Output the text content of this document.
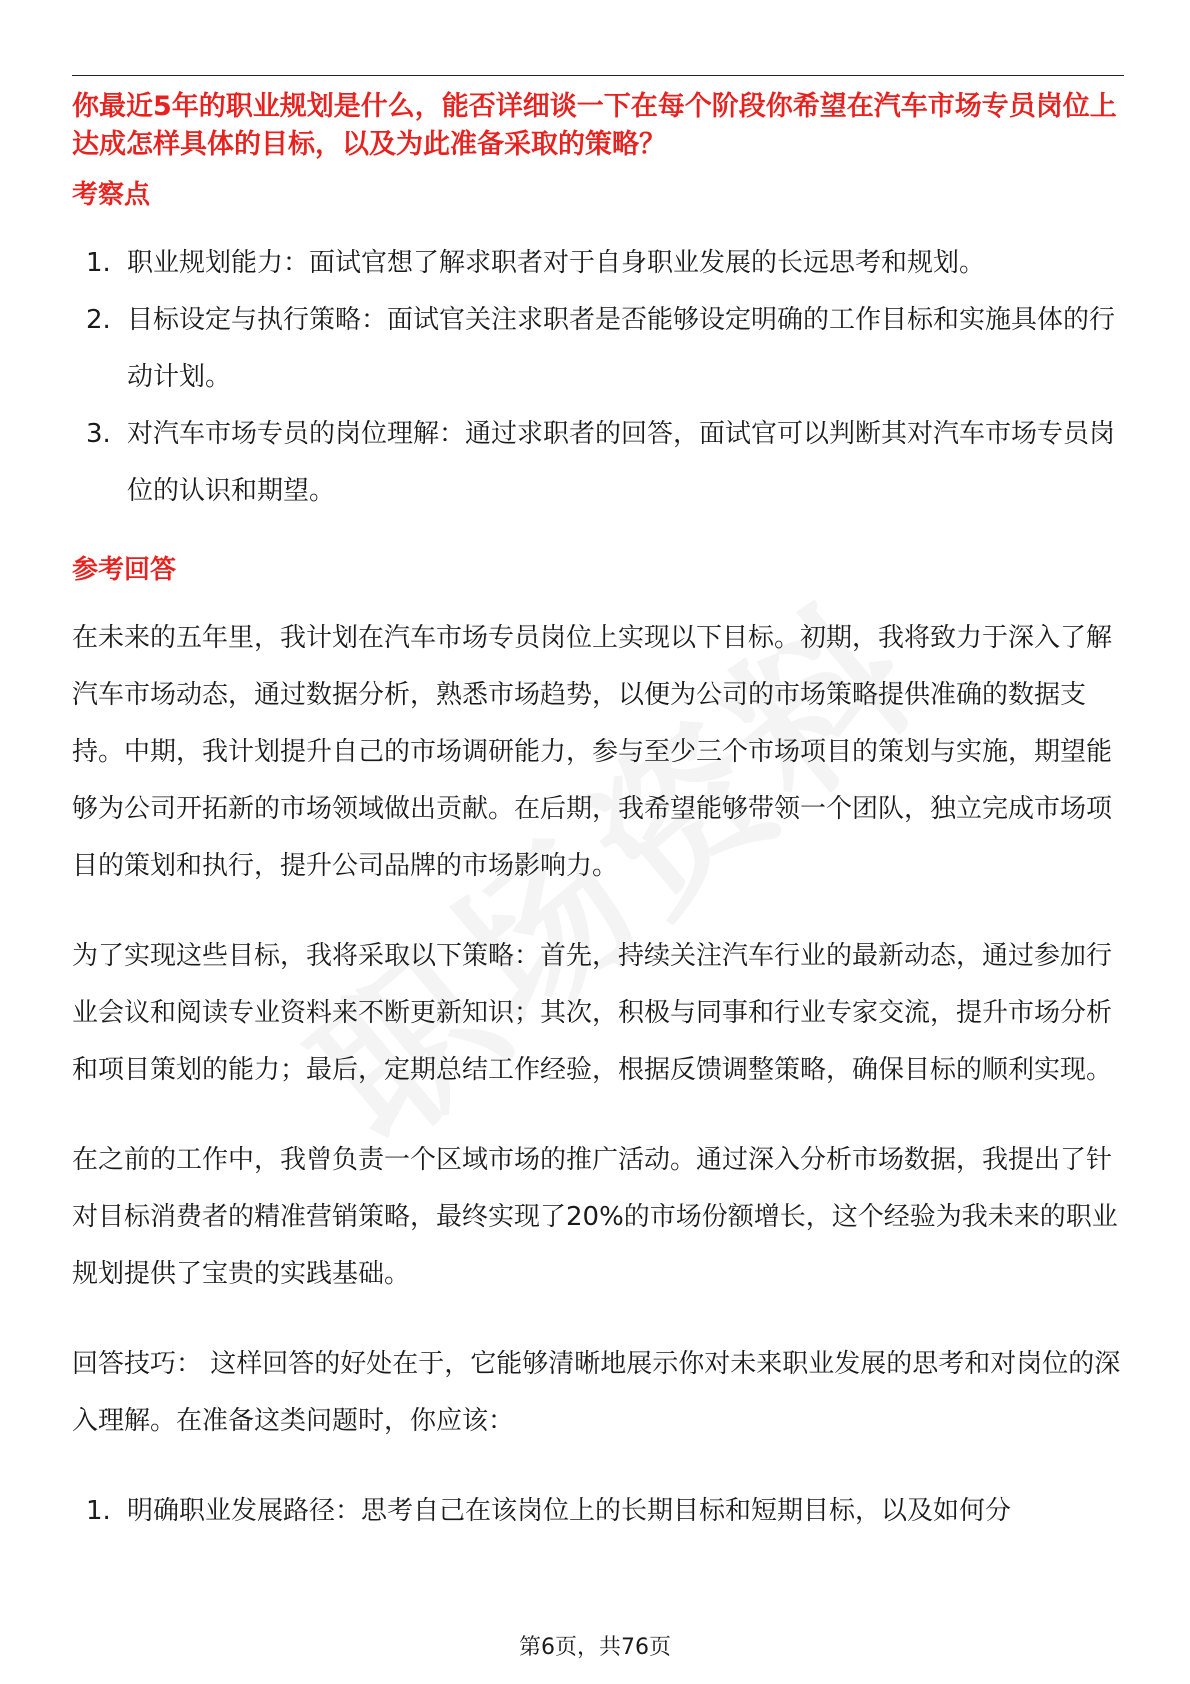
你最近5年的职业规划是什么，能否详细谈一下在每个阶段你希望在汽车市场专员岗位上达成怎样具体的目标，以及为此准备采取的策略？

考察点

1. 职业规划能力：面试官想了解求职者对于自身职业发展的长远思考和规划。
2. 目标设定与执行策略：面试官关注求职者是否能够设定明确的工作目标和实施具体的行动计划。
3. 对汽车市场专员的岗位理解：通过求职者的回答，面试官可以判断其对汽车市场专员岗位的认识和期望。

参考回答

在未来的五年里，我计划在汽车市场专员岗位上实现以下目标。初期，我将致力于深入了解汽车市场动态，通过数据分析，熟悉市场趋势，以便为公司的市场策略提供准确的数据支持。中期，我计划提升自己的市场调研能力，参与至少三个市场项目的策划与实施，期望能够为公司开拓新的市场领域做出贡献。在后期，我希望能够带领一个团队，独立完成市场项目的策划和执行，提升公司品牌的市场影响力。

为了实现这些目标，我将采取以下策略：首先，持续关注汽车行业的最新动态，通过参加行业会议和阅读专业资料来不断更新知识；其次，积极与同事和行业专家交流，提升市场分析和项目策划的能力；最后，定期总结工作经验，根据反馈调整策略，确保目标的顺利实现。

在之前的工作中，我曾负责一个区域市场的推广活动。通过深入分析市场数据，我提出了针对目标消费者的精准营销策略，最终实现了20%的市场份额增长，这个经验为我未来的职业规划提供了宝贵的实践基础。

回答技巧： 这样回答的好处在于，它能够清晰地展示你对未来职业发展的思考和对岗位的深入理解。在准备这类问题时，你应该：

1. 明确职业发展路径：思考自己在该岗位上的长期目标和短期目标，以及如何分
第6页，共76页
